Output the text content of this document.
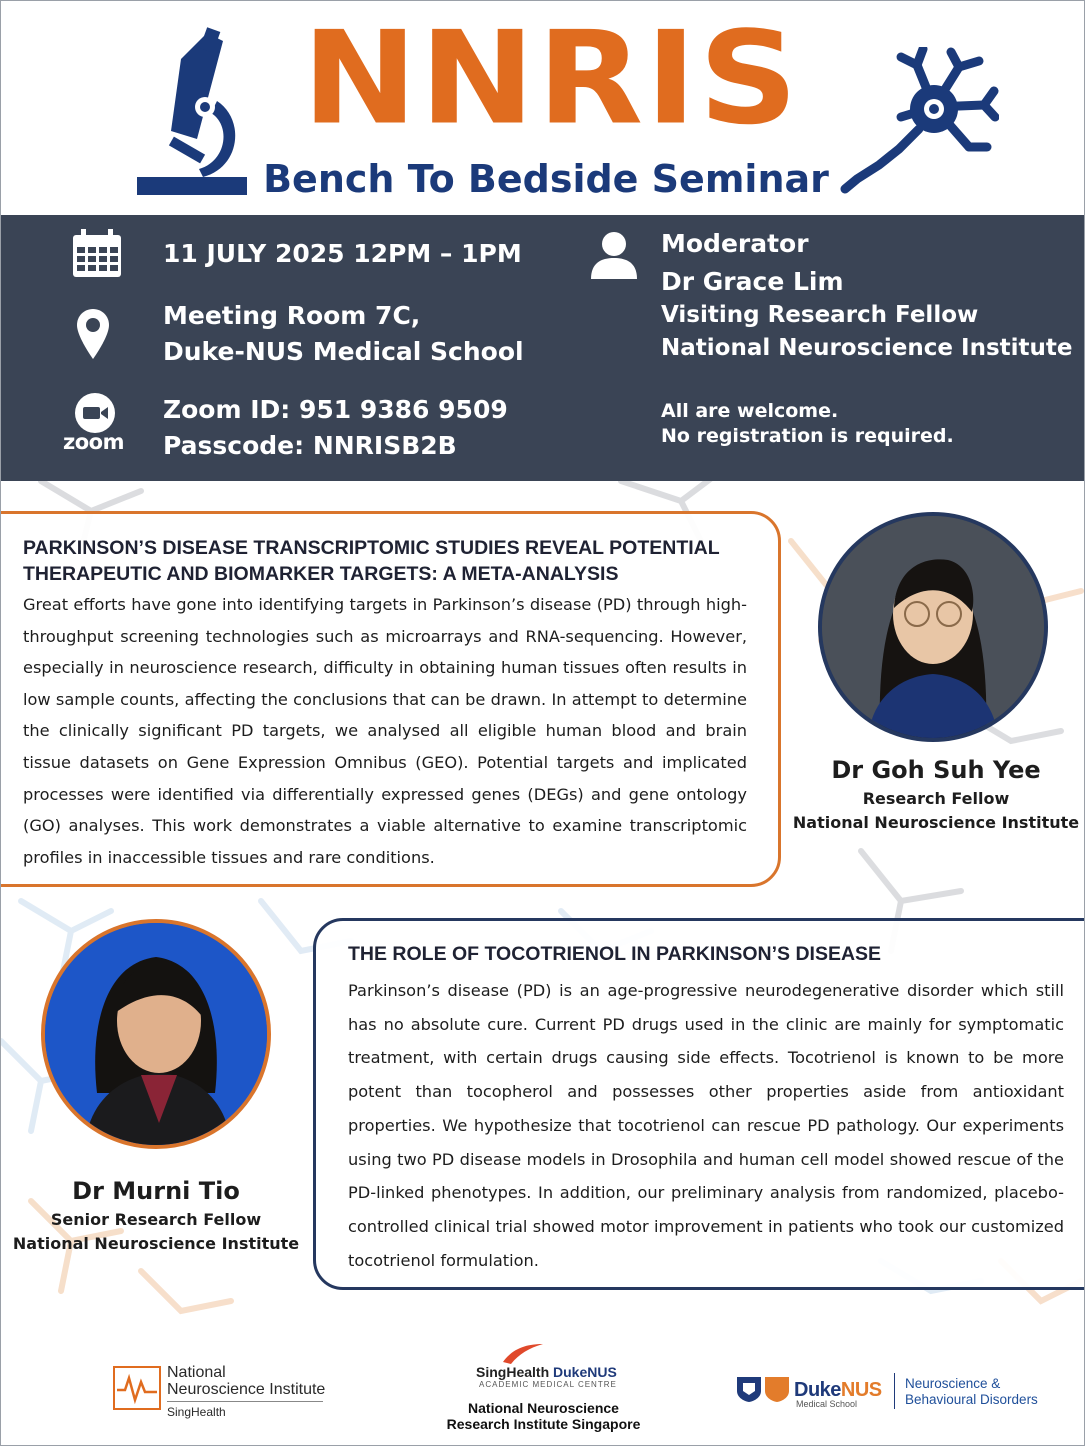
NNRIS
Bench To Bedside Seminar
11 JULY 2025 12PM – 1PM
Meeting Room 7C,
Duke-NUS Medical School
zoom
Zoom ID: 951 9386 9509
Passcode: NNRISB2B
Moderator
Dr Grace Lim
Visiting Research Fellow
National Neuroscience Institute
All are welcome.
No registration is required.
PARKINSON’S DISEASE TRANSCRIPTOMIC STUDIES REVEAL POTENTIAL
THERAPEUTIC AND BIOMARKER TARGETS: A META-ANALYSIS
Great efforts have gone into identifying targets in Parkinson’s disease (PD) through high-throughput screening technologies such as microarrays and RNA-sequencing. However, especially in neuroscience research, difficulty in obtaining human tissues often results in low sample counts, affecting the conclusions that can be drawn. In attempt to determine the clinically significant PD targets, we analysed all eligible human blood and brain tissue datasets on Gene Expression Omnibus (GEO). Potential targets and implicated processes were identified via differentially expressed genes (DEGs) and gene ontology (GO) analyses. This work demonstrates a viable alternative to examine transcriptomic profiles in inaccessible tissues and rare conditions.
Dr Goh Suh Yee
Research Fellow
National Neuroscience Institute
THE ROLE OF TOCOTRIENOL IN PARKINSON’S DISEASE
Parkinson’s disease (PD) is an age-progressive neurodegenerative disorder which still has no absolute cure. Current PD drugs used in the clinic are mainly for symptomatic treatment, with certain drugs causing side effects. Tocotrienol is known to be more potent than tocopherol and possesses other properties aside from antioxidant properties. We hypothesize that tocotrienol can rescue PD pathology. Our experiments using two PD disease models in Drosophila and human cell model showed rescue of the PD-linked phenotypes. In addition, our preliminary analysis from randomized, placebo-controlled clinical trial showed motor improvement in patients who took our customized tocotrienol formulation.
Dr Murni Tio
Senior Research Fellow
National Neuroscience Institute
National
Neuroscience Institute
SingHealth
SingHealth DukeNUS
ACADEMIC MEDICAL CENTRE
National Neuroscience
Research Institute Singapore
DukeNUS
Medical School
Neuroscience &
Behavioural Disorders
